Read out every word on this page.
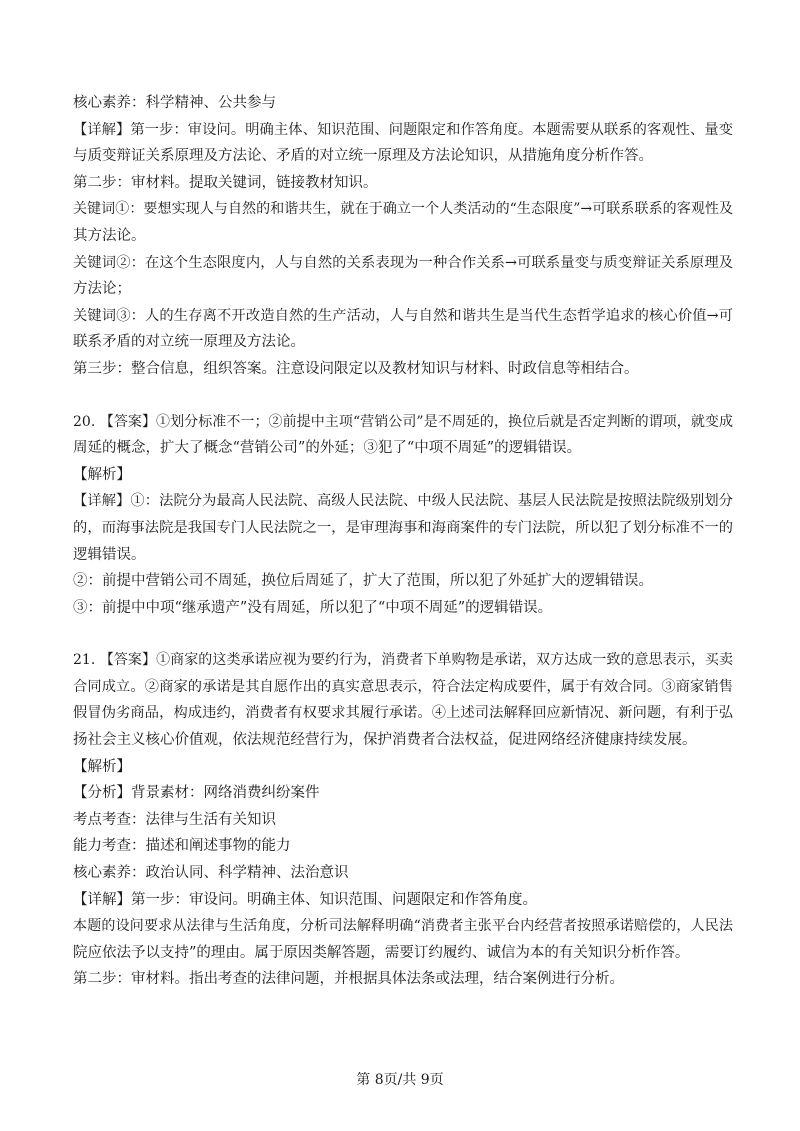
核心素养：科学精神、公共参与
【详解】第一步：审设问。明确主体、知识范围、问题限定和作答角度。本题需要从联系的客观性、量变
与质变辩证关系原理及方法论、矛盾的对立统一原理及方法论知识，从措施角度分析作答。
第二步：审材料。提取关键词，链接教材知识。
关键词①：要想实现人与自然的和谐共生，就在于确立一个人类活动的“生态限度”→可联系联系的客观性及
其方法论。
关键词②：在这个生态限度内，人与自然的关系表现为一种合作关系→可联系量变与质变辩证关系原理及
方法论；
关键词③：人的生存离不开改造自然的生产活动，人与自然和谐共生是当代生态哲学追求的核心价值→可
联系矛盾的对立统一原理及方法论。
第三步：整合信息，组织答案。注意设问限定以及教材知识与材料、时政信息等相结合。
20. 【答案】①划分标准不一；②前提中主项“营销公司”是不周延的，换位后就是否定判断的谓项，就变成
周延的概念，扩大了概念“营销公司”的外延；③犯了“中项不周延”的逻辑错误。
【解析】
【详解】①：法院分为最高人民法院、高级人民法院、中级人民法院、基层人民法院是按照法院级别划分
的，而海事法院是我国专门人民法院之一，是审理海事和海商案件的专门法院，所以犯了划分标准不一的
逻辑错误。
②：前提中营销公司不周延，换位后周延了，扩大了范围，所以犯了外延扩大的逻辑错误。
③：前提中中项“继承遗产”没有周延，所以犯了“中项不周延”的逻辑错误。
21. 【答案】①商家的这类承诺应视为要约行为，消费者下单购物是承诺，双方达成一致的意思表示，买卖
合同成立。②商家的承诺是其自愿作出的真实意思表示，符合法定构成要件，属于有效合同。③商家销售
假冒伪劣商品，构成违约，消费者有权要求其履行承诺。④上述司法解释回应新情况、新问题，有利于弘
扬社会主义核心价值观，依法规范经营行为，保护消费者合法权益，促进网络经济健康持续发展。
【解析】
【分析】背景素材：网络消费纠纷案件
考点考查：法律与生活有关知识
能力考查：描述和阐述事物的能力
核心素养：政治认同、科学精神、法治意识
【详解】第一步：审设问。明确主体、知识范围、问题限定和作答角度。
本题的设问要求从法律与生活角度，分析司法解释明确“消费者主张平台内经营者按照承诺赔偿的，人民法
院应依法予以支持”的理由。属于原因类解答题，需要订约履约、诚信为本的有关知识分析作答。
第二步：审材料。指出考查的法律问题，并根据具体法条或法理，结合案例进行分析。
第 8页/共 9页
